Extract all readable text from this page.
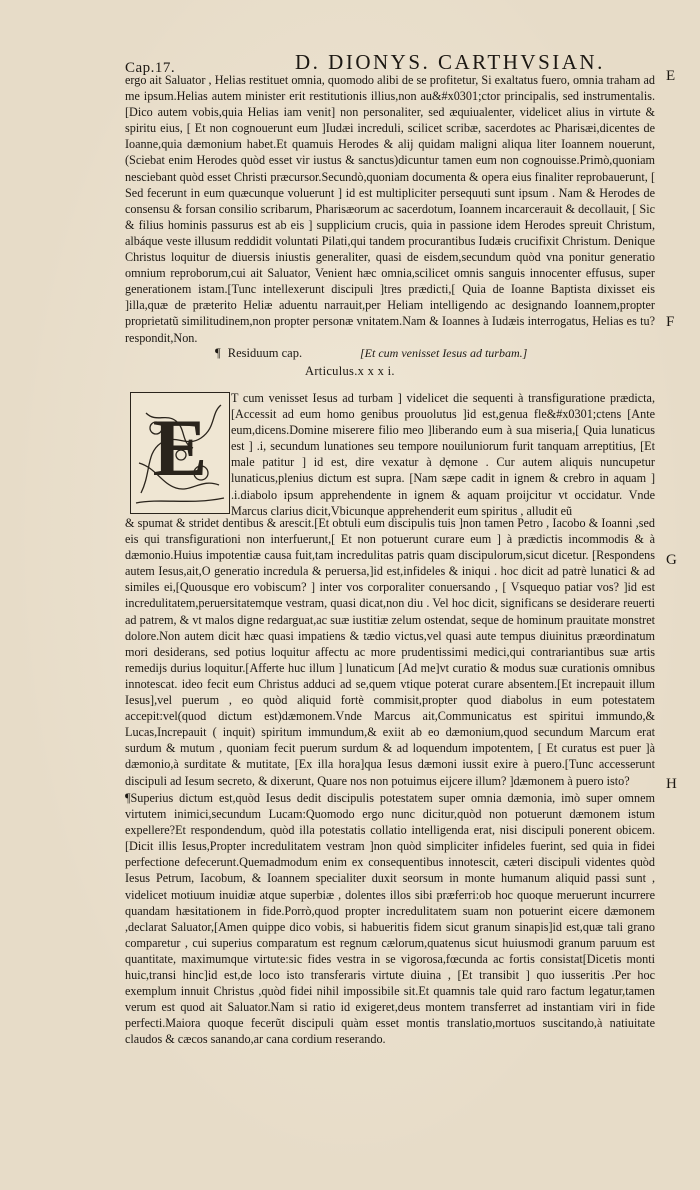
Cap.17.	D. DIONYS. CARTHVSIAN.
E
F
G
H

ergo ait Saluator , Helias restituet omnia, quomodo alibi de se profitetur, Si exaltatus fuero, omnia traham ad me ipsum.Helias autem minister erit restitutionis illius,non au&#x0301;ctor principalis, sed instrumentalis.[Dico autem vobis,quia Helias iam venit] non personaliter, sed æquiualenter, videlicet alius in virtute & spiritu eius, [ Et non cognouerunt eum ]Iudæi increduli, scilicet scribæ, sacerdotes ac Pharisæi,dicentes de Ioanne,quia dæmonium habet.Et quamuis Herodes & alij quidam maligni aliqua liter Ioannem nouerunt,(Sciebat enim Herodes quòd esset vir iustus & sanctus)dicuntur tamen eum non cognouisse.Primò,quoniam nesciebant quòd esset Christi præcursor.Secundò,quoniam documenta & opera eius finaliter reprobauerunt, [ Sed fecerunt in eum quæcunque voluerunt ] id est multipliciter persequuti sunt ipsum . Nam & Herodes de consensu & forsan consilio scribarum, Pharisæorum ac sacerdotum, Ioannem incarcerauit & decollauit, [ Sic & filius hominis passurus est ab eis ] supplicium crucis, quia in passione idem Herodes spreuit Christum, albáque veste illusum reddidit voluntati Pilati,qui tandem procurantibus Iudæis crucifixit Christum. Denique Christus loquitur de diuersis iniustis generaliter, quasi de eisdem,secundum quòd vna ponitur generatio omnium reproborum,cui ait Saluator, Venient hæc omnia,scilicet omnis sanguis innocenter effusus, super generationem istam.[Tunc intellexerunt discipuli ]tres prædicti,[ Quia de Ioanne Baptista dixisset eis ]illa,quæ de præterito Heliæ aduentu narrauit,per Heliam intelligendo ac designando Ioannem,propter proprietatũ similitudinem,non propter personæ vnitatem.Nam & Ioannes à Iudæis interrogatus, Helias es tu? respondit,Non.

¶ Residuum cap.	[Et cum venisset Iesus ad turbam.]
Articulus.x x x i.
E

T cum venisset Iesus ad turbam ] videlicet die sequenti à transfiguratione prædicta,[Accessit ad eum homo genibus prouolutus ]id est,genua fle&#x0301;ctens [Ante eum,dicens.Domine miserere filio meo ]liberando eum à sua miseria,[ Quia lunaticus est ] .i, secundum lunationes seu tempore nouiluniorum furit tanquam arreptitius, [Et male patitur ] id est, dire vexatur à dęmone . Cur autem aliquis nuncupetur lunaticus,plenius dictum est supra. [Nam sæpe cadit in ignem & crebro in aquam ] .i.diabolo ipsum apprehendente in ignem & aquam proijcitur vt occidatur. Vnde Marcus clarius dicit,Vbicunque apprehenderit eum spiritus , alludit eũ

& spumat & stridet dentibus & arescit.[Et obtuli eum discipulis tuis ]non tamen Petro , Iacobo & Ioanni ,sed eis qui transfigurationi non interfuerunt,[ Et non potuerunt curare eum ] à prædictis incommodis & à dæmonio.Huius impotentiæ causa fuit,tam incredulitas patris quam discipulorum,sicut dicetur. [Respondens autem Iesus,ait,O generatio incredula & peruersa,]id est,infideles & iniqui . hoc dicit ad patrè lunatici & ad similes ei,[Quousque ero vobiscum? ] inter vos corporaliter conuersando , [ Vsquequo patiar vos? ]id est incredulitatem,peruersitatemque vestram, quasi dicat,non diu . Vel hoc dicit, significans se desiderare reuerti ad patrem, & vt malos digne redarguat,ac suæ iustitiæ zelum ostendat, seque de hominum prauitate monstret dolore.Non autem dicit hæc quasi impatiens & tædio victus,vel quasi aute tempus diuinitus præordinatum mori desiderans, sed potius loquitur affectu ac more prudentissimi medici,qui contrariantibus suæ artis remedijs durius loquitur.[Afferte huc illum ] lunaticum [Ad me]vt curatio & modus suæ curationis omnibus innotescat. ideo fecit eum Christus adduci ad se,quem vtique poterat curare absentem.[Et increpauit illum Iesus],vel puerum , eo quòd aliquid fortè commisit,propter quod diabolus in eum potestatem accepit:vel(quod dictum est)dæmonem.Vnde Marcus ait,Communicatus est spiritui immundo,& Lucas,Increpauit ( inquit) spiritum immundum,& exiit ab eo dæmonium,quod secundum Marcum erat surdum & mutum , quoniam fecit puerum surdum & ad loquendum impotentem, [ Et curatus est puer ]à dæmonio,à surditate & mutitate, [Ex illa hora]qua Iesus dæmoni iussit exire à puero.[Tunc accesserunt discipuli ad Iesum secreto, & dixerunt, Quare nos non potuimus eijcere illum? ]dæmonem à puero isto?

¶Superius dictum est,quòd Iesus dedit discipulis potestatem super omnia dæmonia, imò super omnem virtutem inimici,secundum Lucam:Quomodo ergo nunc dicitur,quòd non potuerunt dæmonem istum expellere?Et respondendum, quòd illa potestatis collatio intelligenda erat, nisi discipuli ponerent obicem. [Dicit illis Iesus,Propter incredulitatem vestram ]non quòd simpliciter infideles fuerint, sed quia in fidei perfectione defecerunt.Quemadmodum enim ex consequentibus innotescit, cæteri discipuli videntes quòd Iesus Petrum, Iacobum, & Ioannem specialiter duxit seorsum in monte humanum aliquid passi sunt , videlicet motiuum inuidiæ atque superbiæ , dolentes illos sibi præferri:ob hoc quoque meruerunt incurrere quandam hæsitationem in fide.Porrò,quod propter incredulitatem suam non potuerint eicere dæmonem ,declarat Saluator,[Amen quippe dico vobis, si habueritis fidem sicut granum sinapis]id est,quæ tali grano comparetur , cui superius comparatum est regnum cælorum,quatenus sicut huiusmodi granum paruum est quantitate, maximumque virtute:sic fides vestra in se vigorosa,fœcunda ac fortis consistat[Dicetis monti huic,transi hinc]id est,de loco isto transferaris virtute diuina , [Et transibit ] quo iusseritis .Per hoc exemplum innuit Christus ,quòd fidei nihil impossibile sit.Et quamnis tale quid raro factum legatur,tamen verum est quod ait Saluator.Nam si ratio id exigeret,deus montem transferret ad instantiam viri in fide perfecti.Maiora quoque fecerũt discipuli quàm esset montis translatio,mortuos suscitando,à natiuitate claudos & cæcos sanando,ar cana cordium reserando.
